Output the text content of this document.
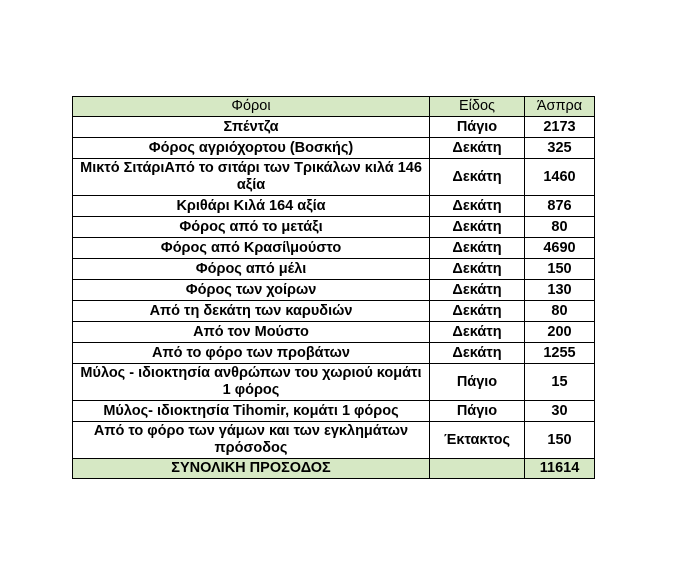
Φόροι	Είδος	Άσπρα
Σπέντζα	Πάγιο	2173
Φόρος αγριόχορτου (Βοσκής)	Δεκάτη	325
Μικτό ΣιτάριΑπό το σιτάρι των Τρικάλων κιλά 146 αξία	Δεκάτη	1460
Κριθάρι Κιλά 164 αξία	Δεκάτη	876
Φόρος από το μετάξι	Δεκάτη	80
Φόρος από Κρασί\μούστο	Δεκάτη	4690
Φόρος από μέλι	Δεκάτη	150
Φόρος των χοίρων	Δεκάτη	130
Από τη δεκάτη των καρυδιών	Δεκάτη	80
Από τον Μούστο	Δεκάτη	200
Από το φόρο των προβάτων	Δεκάτη	1255
Μύλος - ιδιοκτησία ανθρώπων του χωριού κομάτι 1 φόρος	Πάγιο	15
Μύλος- ιδιοκτησία Tihomir, κομάτι 1 φόρος	Πάγιο	30
Από το φόρο των γάμων και των εγκλημάτων πρόσοδος	Έκτακτος	150
ΣΥΝΟΛΙΚΗ ΠΡΟΣΟΔΟΣ		11614
